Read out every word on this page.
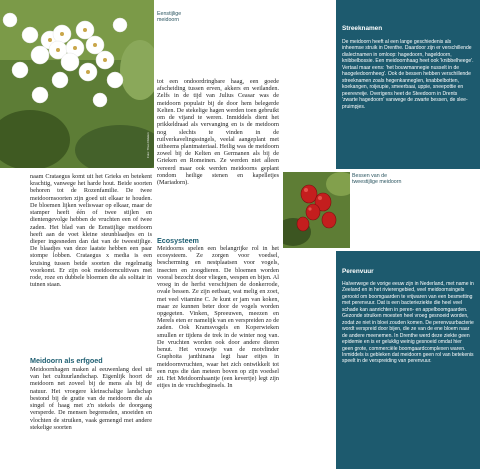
Foto: Theo Oldelen
Eenstijlige
meidoorn

naam Crataegus komt uit het Grieks en betekent krachtig, vanwege het harde hout. Beide soorten behoren tot de Rozenfamilie. De twee meidoornsoorten zijn goed uit elkaar te houden. De bloemen lijken weliswaar op elkaar, maar de stamper heeft één of twee stijlen en dientengevolge hebben de vruchten een of twee zaden. Het blad van de Eenstijlige meidoorn heeft aan de voet kleine steunblaadjes en is dieper ingesneden dan dat van de tweestijlige. De blaadjes van deze laatste hebben een paar stompe lobben. Crataegus x media is een kruising tussen beide soorten die regelmatig voorkomt. Er zijn ook meidoorncultivars met rode, roze en dubbele bloemen die als solitair in tuinen staan.

Meidoorn als erfgoed

Meidoornhagen maken al eeuwenlang deel uit van het cultuurlandschap. Eigenlijk hoort de meidoorn net zoveel bij de mens als bij de natuur. Het vroegere kleinschalige landschap bestond bij de gratie van de meidoorn die als singel of haag met z'n stekels de doorgang versperde. De mensen begrensden, snoeiden en vlochten de struiken, vaak gemengd met andere stekelige soorten

tot een ondoordringbare haag, een goede afscheiding tussen erven, akkers en weilanden. Zelfs in de tijd van Julius Ceasar was de meidoorn populair bij de door hem belegerde Kelten. De stekelige hagen werden toen gebruikt om de vijand te weren. Inmiddels dient het prikkeldraad als vervanging en is de meidoorn nog slechts te vinden in de ruilverkavelingssingels, veelal aangeplant met uitheems plantmateriaal. Heilig was de meidoorn zowel bij de Kelten en Germanen als bij de Grieken en Romeinen. Ze werden niet alleen vereerd maar ook werden meidoorns geplant rondom heilige stenen en kapelletjes (Mariadorn).

Ecosysteem

Meidoorns spelen een belangrijke rol in het ecosysteem. Ze zorgen voor voedsel, bescherming en nestplaatsen voor vogels, insecten en zoogdieren. De bloemen worden vooral bezocht door vliegen, wespen en bijen. Al vroeg in de herfst verschijnen de donkerrode, ovale bessen. Ze zijn eetbaar, wat melig en zoet, met veel vitamine C. Je kunt er jam van koken, maar ze kunnen beter door de vogels worden opgegeten. Vinken, Spreeuwen, meezen en Merels eten er namelijk van en verspreiden zo de zaden. Ook Kramsvogels en Koperwieken smullen er tijdens de trek in de winter nog van. De vruchten worden ook door andere dieren benut. Het vrouwtje van de motvlinder Graphoita janthinana legt haar eitjes in meidoornvruchten, waar het zich ontwikkelt tot een rups die dan meteen boven op zijn voedsel zit. Het Meidoornhaantje (een kevertje) legt zijn eitjes in de vruchtbeginsels. In

Streeknamen

De meidoorn heeft al een lange geschiedenis als inheemse struik in Drenthe. Daardoor zijn er verschillende dialectnamen in omloop: hagedoorn, hageldoorn, knibbelbossie. Een meidoornhaag heet ook 'knibbelheege'. Vertaal maar eens: 'het bouwmannegie nusselt in de haogeledoornheeg'. Ook de bessen hebben verschillende streeknamen zoals hegenkanneglen, knabbelbotten, koekangen, roijeupie, smeerbaai, uppie, sneepottie en peerevreije. Overigens heet de Steedoorn in Drents 'zwarte hagedoorn' vanwege de zwarte bessen, de slee-pruimpjes.

Perenvuur

Halverwege de vorige eeuw zijn in Nederland, met name in Zeeland en in het rivierengebied, veel meidoornsingels gerooid om boomgaarden te vrijwaren van een besmetting met perenvuur. Dat is een bacterieziekte die heel veel schade kan aanrichten in peren- en appelboomgaarden. Gezonde struiken moesten heel vroeg gesnoeid worden, zodat ze niet in bloei zouden komen. De perenvuurbacterie wordt verspreid door bijen, die ze van de ene bloem naar de andere meenemen. In Drenthe werd deze ziekte geen epidemie en is er geluklig weinig gesnoeid omdat hier geen grote, commerciële boomgaardcomplexen waren. Inmiddels is gebleken dat meidoorn geen rol van betekenis speelt in de verspreiding van perenvuur.

Bessen van de
tweestijlige meidoorn
